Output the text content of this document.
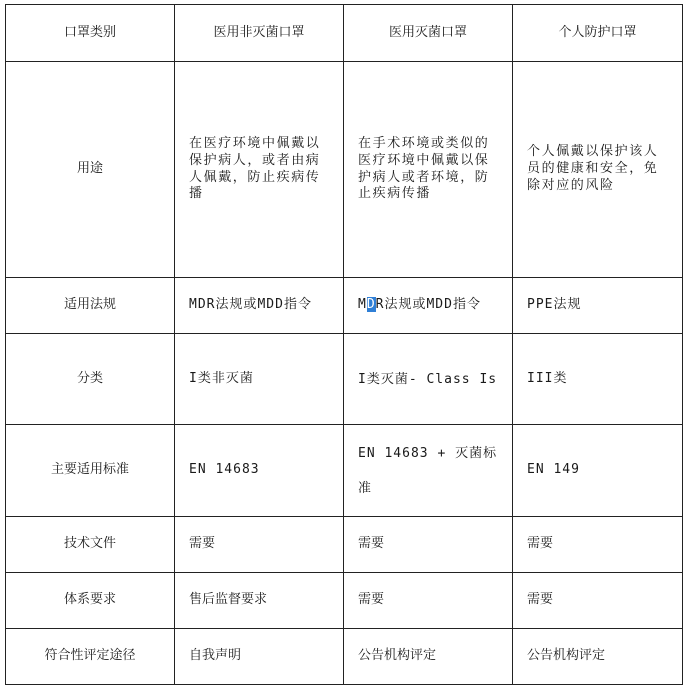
口罩类别	医用非灭菌口罩	医用灭菌口罩	个人防护口罩
用途	在医疗环境中佩戴以保护病人，或者由病人佩戴，防止疾病传播	在手术环境或类似的医疗环境中佩戴以保护病人或者环境，防止疾病传播	个人佩戴以保护该人员的健康和安全，免除对应的风险
适用法规	MDR法规或MDD指令	MDR法规或MDD指令	PPE法规
分类	I类非灭菌	I类灭菌- Class Is	III类
主要适用标准	EN 14683	EN 14683 + 灭菌标准	EN 149
技术文件	需要	需要	需要
体系要求	售后监督要求	需要	需要
符合性评定途径	自我声明	公告机构评定	公告机构评定
